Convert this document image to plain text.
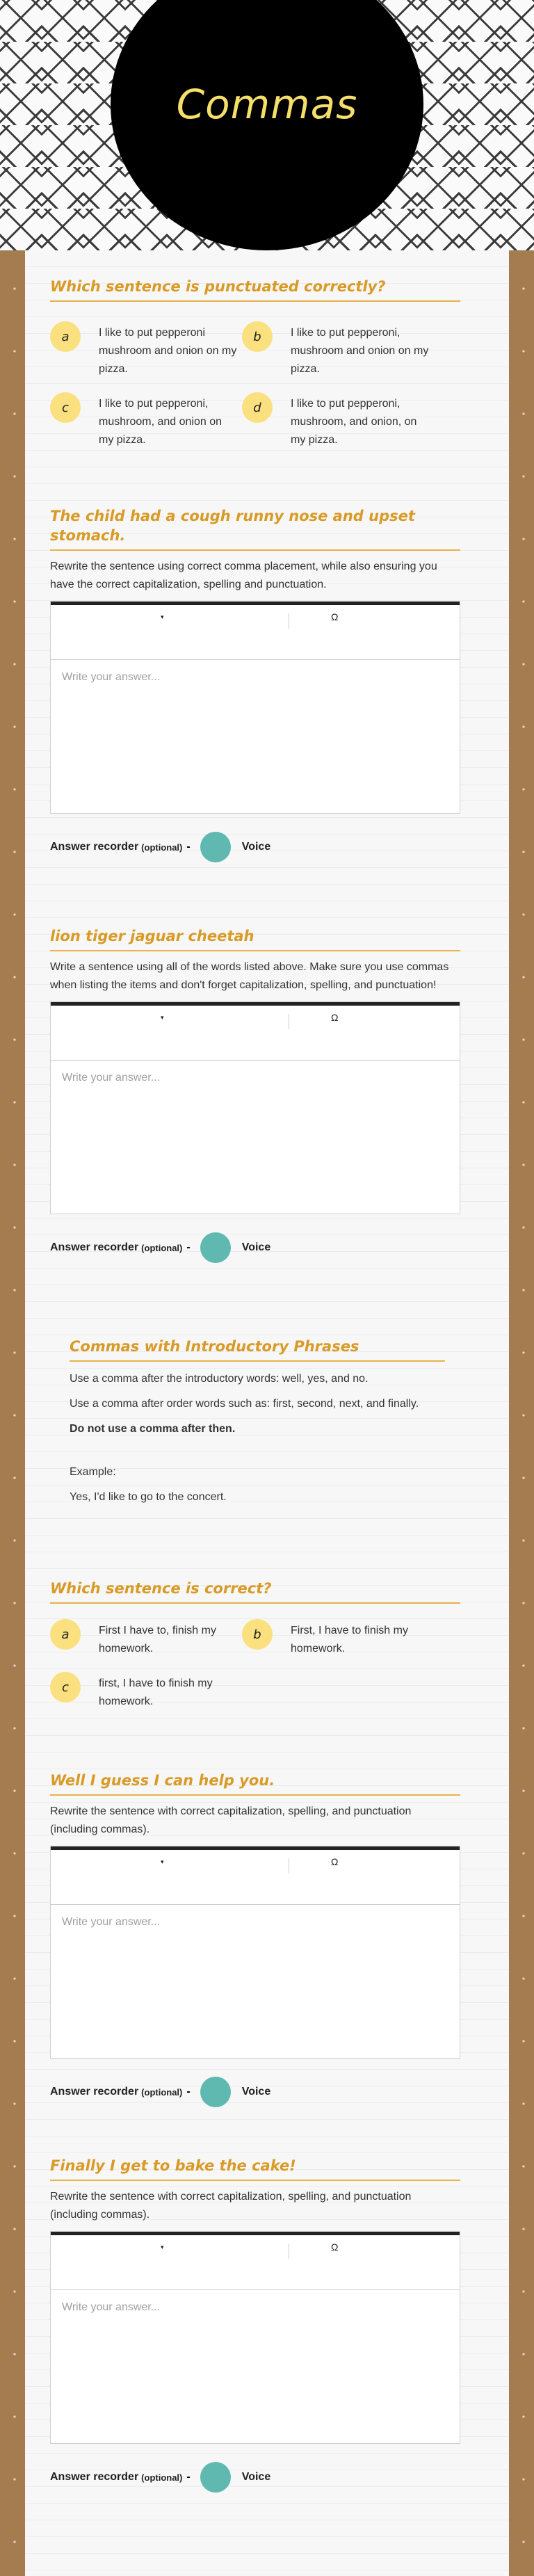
Commas
Which sentence is punctuated correctly?
a	I like to put pepperoni mushroom and onion on my pizza.
b	I like to put pepperoni, mushroom and onion on my pizza.
c	I like to put pepperoni, mushroom, and onion on my pizza.
d	I like to put pepperoni, mushroom, and onion, on my pizza.
The child had a cough runny nose and upset stomach.

Rewrite the sentence using correct comma placement, while also ensuring you have the correct capitalization, spelling and punctuation.

▾	Ω
Write your answer...
Answer recorder (optional) -	Voice
lion tiger jaguar cheetah

Write a sentence using all of the words listed above. Make sure you use commas when listing the items and don't forget capitalization, spelling, and punctuation!

▾	Ω
Write your answer...
Answer recorder (optional) -	Voice
Commas with Introductory Phrases

Use a comma after the introductory words: well, yes, and no.

Use a comma after order words such as: first, second, next, and finally.

Do not use a comma after then.

Example:

Yes, I'd like to go to the concert.

Which sentence is correct?
a	First I have to, finish my homework.
b	First, I have to finish my homework.
c	first, I have to finish my homework.
Well I guess I can help you.

Rewrite the sentence with correct capitalization, spelling, and punctuation (including commas).

▾	Ω
Write your answer...
Answer recorder (optional) -	Voice
Finally I get to bake the cake!

Rewrite the sentence with correct capitalization, spelling, and punctuation (including commas).

▾	Ω
Write your answer...
Answer recorder (optional) -	Voice
